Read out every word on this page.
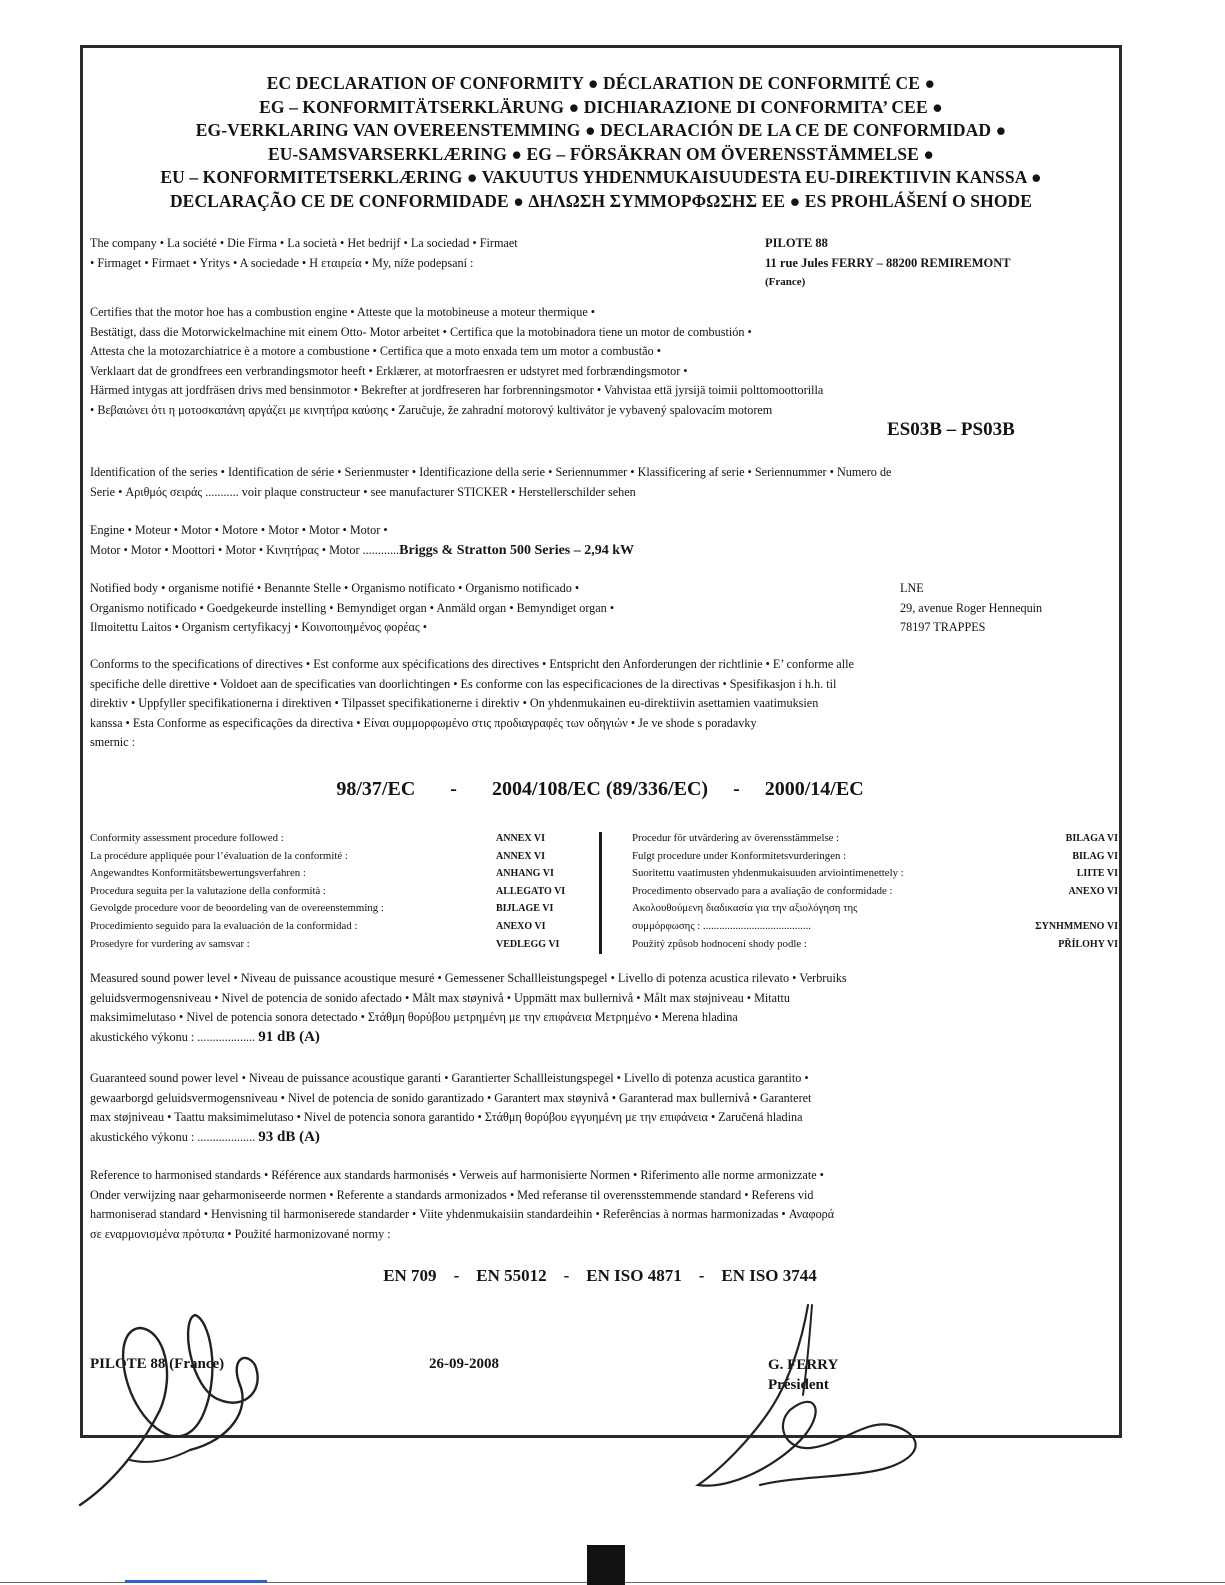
EC DECLARATION OF CONFORMITY ● DÉCLARATION DE CONFORMITÉ CE ●
EG – KONFORMITÄTSERKLÄRUNG ● DICHIARAZIONE DI CONFORMITA’ CEE ●
EG-VERKLARING VAN OVEREENSTEMMING ● DECLARACIÓN DE LA CE DE CONFORMIDAD ●
EU-SAMSVARSERKLÆRING ● EG – FÖRSÄKRAN OM ÖVERENSSTÄMMELSE ●
EU – KONFORMITETSERKLÆRING ● VAKUUTUS YHDENMUKAISUUDESTA EU-DIREKTIIVIN KANSSA ●
DECLARAÇÃO CE DE CONFORMIDADE ● ΔΗΛΩΣΗ ΣΥΜΜΟΡΦΩΣΗΣ ΕΕ ● ES PROHLÁŠENÍ O SHODE
The company • La société • Die Firma • La società • Het bedrijf • La sociedad • Firmaet
• Firmaget • Firmaet • Yritys • A sociedade • H εταιρεία • My, níže podepsaní :
PILOTE 88
11 rue Jules FERRY – 88200 REMIREMONT
(France)
Certifies that the motor hoe has a combustion engine • Atteste que la motobineuse a moteur thermique •
Bestätigt, dass die Motorwickelmachine mit einem Otto- Motor arbeitet • Certifica que la motobinadora tiene un motor de combustión •
Attesta che la motozarchiatrice è a motore a combustione • Certifica que a moto enxada tem um motor a combustão •
Verklaart dat de grondfrees een verbrandingsmotor heeft • Erklærer, at motorfraesren er udstyret med forbrændingsmotor •
Härmed intygas att jordfräsen drivs med bensinmotor • Bekrefter at jordfreseren har forbrenningsmotor • Vahvistaa että jyrsijä toimii polttomoottorilla
• Βεβαιώνει ότι η μοτοσκαπάνη αργάζει με κινητήρα καύσης • Zaručuje, že zahradní motorový kultivátor je vybavený spalovacím motorem
ES03B – PS03B
Identification of the series • Identification de série • Serienmuster • Identificazione della serie • Seriennummer • Klassificering af serie • Seriennummer • Numero de
Serie • Αριθμός σειράς ........... voir plaque constructeur • see manufacturer STICKER • Herstellerschilder sehen
Engine • Moteur • Motor • Motore • Motor • Motor • Motor •
Motor • Motor • Moottori • Motor • Κινητήρας • Motor ............Briggs & Stratton 500 Series – 2,94 kW
Notified body • organisme notifié • Benannte Stelle • Organismo notificato • Organismo notificado •
Organismo notificado • Goedgekeurde instelling • Bemyndiget organ • Anmäld organ • Bemyndiget organ •
Ilmoitettu Laitos • Organism certyfikacyj • Κοινοποιημένος φορέας •
LNE
29, avenue Roger Hennequin
78197 TRAPPES
Conforms to the specifications of directives • Est conforme aux spécifications des directives • Entspricht den Anforderungen der richtlinie • E’ conforme alle
specifiche delle direttive • Voldoet aan de specificaties van doorlichtingen • Es conforme con las especificaciones de la directivas • Spesifikasjon i h.h. til
direktiv • Uppfyller specifikationerna i direktiven • Tilpasset specifikationerne i direktiv • On yhdenmukainen eu-direktiivin asettamien vaatimuksien
kanssa • Esta Conforme as especificações da directiva • Είναι συμμορφωμένο στις προδιαγραφές των οδηγιών • Je ve shode s poradavky
smernic :
98/37/EC - 2004/108/EC (89/336/EC) - 2000/14/EC
Conformity assessment procedure followed :
La procédure appliquée pour l’évaluation de la conformité :
Angewandtes Konformitätsbewertungsverfahren :
Procedura seguita per la valutazione della conformità :
Gevolgde procedure voor de beoordeling van de overeenstemming :
Procedimiento seguido para la evaluación de la conformidad :
Prosedyre for vurdering av samsvar :
ANNEX VI
ANNEX VI
ANHANG VI
ALLEGATO VI
BIJLAGE VI
ANEXO VI
VEDLEGG VI
Procedur för utvärdering av överensstämmelse :
Fulgt procedure under Konformitetsvurderingen :
Suoritettu vaatimusten yhdenmukaisuuden arviointimenettely :
Procedimento observado para a avaliação de conformidade :
Ακολουθούμενη διαδικασία για την αξιολόγηση της
συμμόρφωσης : ........................................
Použitý způsob hodnocení shody podle :
BILAGA VI
BILAG VI
LIITE VI
ANEXO VI

ΣΥΝΗΜΜΕΝΟ VI
PŘÍLOHY VI
Measured sound power level • Niveau de puissance acoustique mesuré • Gemessener Schallleistungspegel • Livello di potenza acustica rilevato • Verbruiks
geluidsvermogensniveau • Nivel de potencia de sonido afectado • Målt max støynivå • Uppmätt max bullernivå • Målt max støjniveau • Mitattu
maksimimelutaso • Nivel de potencia sonora detectado • Στάθμη θορύβου μετρημένη με την επιφάνεια Μετρημένο • Merena hladina
akustického výkonu : ................... 91 dB (A)
Guaranteed sound power level • Niveau de puissance acoustique garanti • Garantierter Schallleistungspegel • Livello di potenza acustica garantito •
gewaarborgd geluidsvermogensniveau • Nivel de potencia de sonido garantizado • Garantert max støynivå • Garanterad max bullernivå • Garanteret
max støjniveau • Taattu maksimimelutaso • Nivel de potencia sonora garantido • Στάθμη θορύβου εγγυημένη με την επιφάνεια • Zaručená hladina
akustického výkonu : ................... 93 dB (A)
Reference to harmonised standards • Référence aux standards harmonisés • Verweis auf harmonisierte Normen • Riferimento alle norme armonizzate •
Onder verwijzing naar geharmoniseerde normen • Referente a standards armonizados • Med referanse til overensstemmende standard • Referens vid
harmoniserad standard • Henvisning til harmoniserede standarder • Viite yhdenmukaisiin standardeihin • Referências à normas harmonizadas • Αναφορά
σε εναρμονισμένα πρότυπα • Použité harmonizované normy :
EN 709 - EN 55012 - EN ISO 4871 - EN ISO 3744
PILOTE 88 (France)	26-09-2008	G. FERRY
Président
